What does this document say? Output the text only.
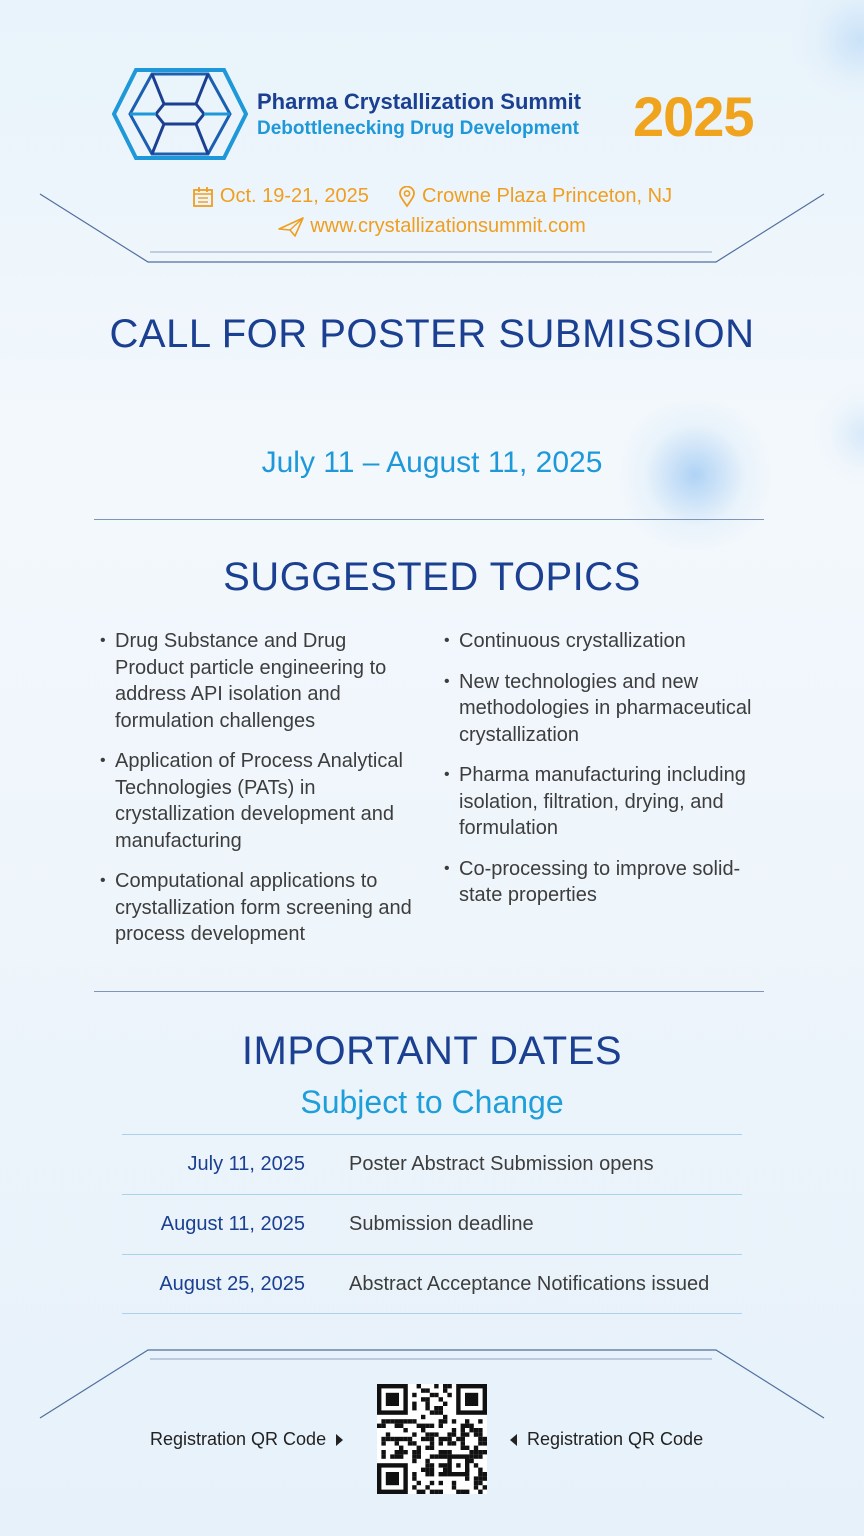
Pharma Crystallization Summit
Debottlenecking Drug Development 2025
Oct. 19-21, 2025
	Crowne Plaza Princeton, NJ
www.crystallizationsummit.com
CALL FOR POSTER SUBMISSION
July 11 – August 11, 2025
SUGGESTED TOPICS
• Drug Substance and Drug Product particle engineering to address API isolation and formulation challenges
• Application of Process Analytical Technologies (PATs) in crystallization development and manufacturing
• Computational applications to crystallization form screening and process development
• Continuous crystallization
• New technologies and new methodologies in pharmaceutical crystallization
• Pharma manufacturing including isolation, filtration, drying, and formulation
• Co-processing to improve solid-state properties
IMPORTANT DATES
Subject to Change
July 11, 2025	Poster Abstract Submission opens
August 11, 2025	Submission deadline
August 25, 2025	Abstract Acceptance Notifications issued
Registration QR Code	Registration QR Code
